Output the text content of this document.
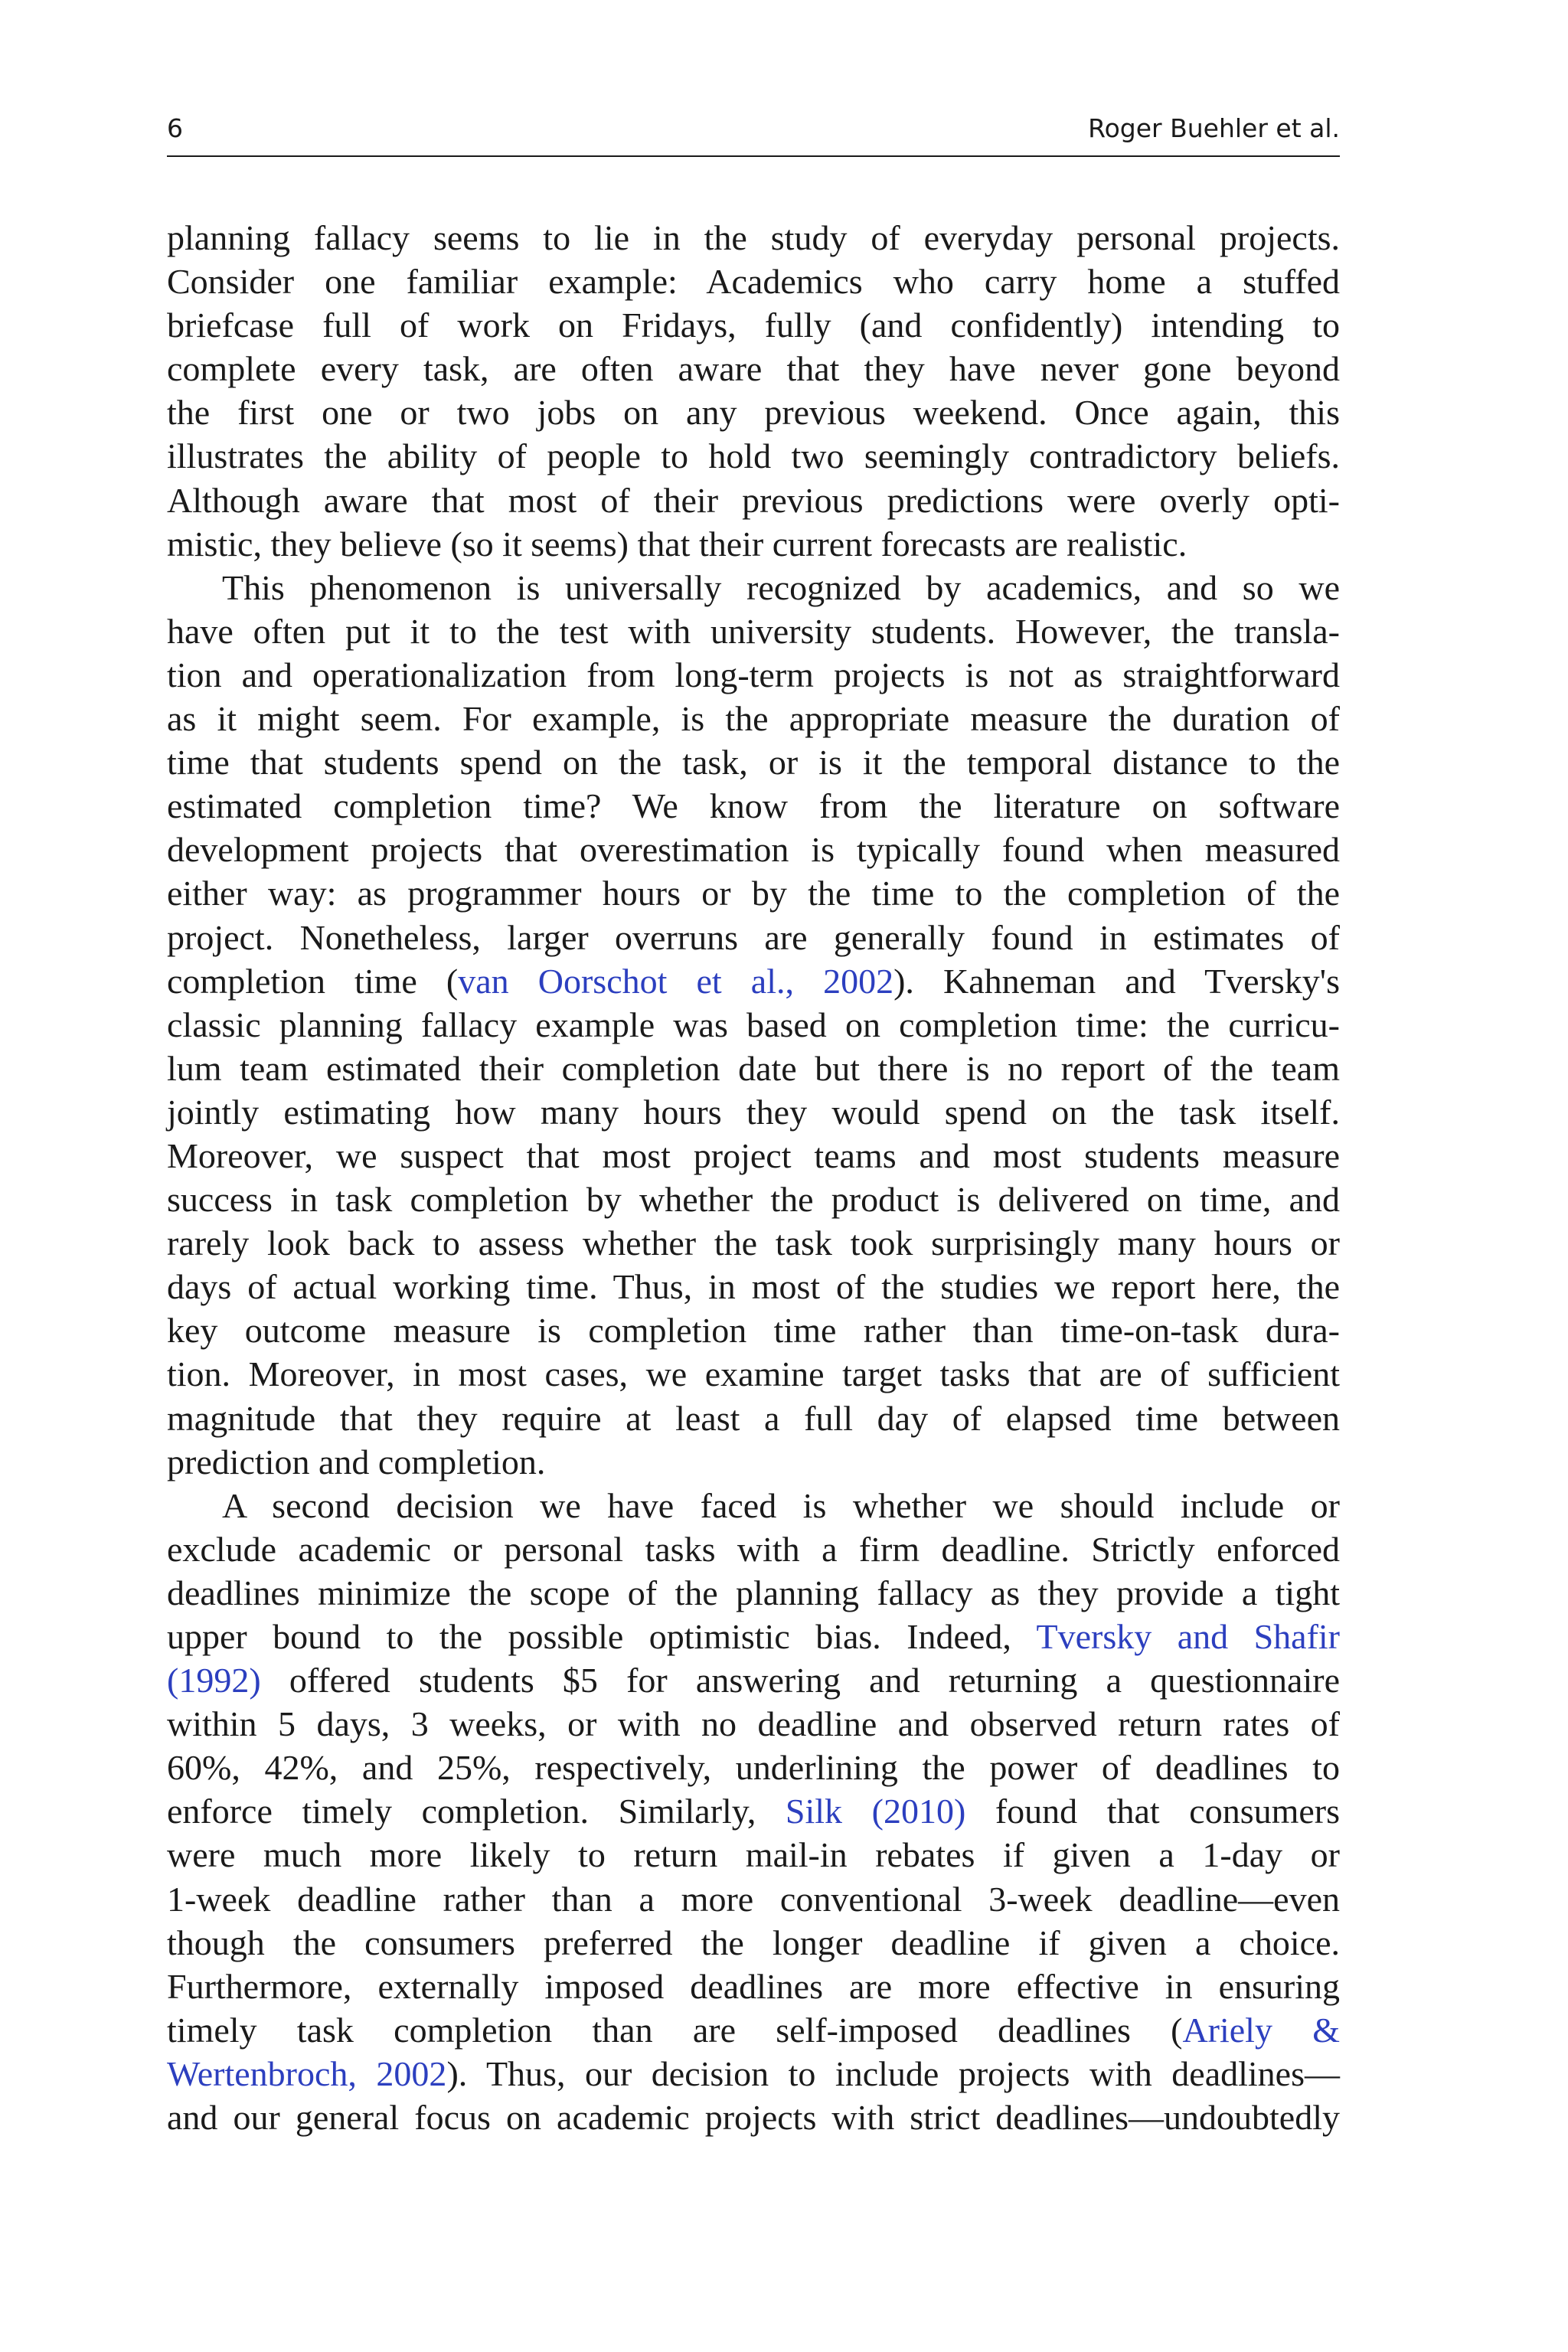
6	Roger Buehler et al.

planning fallacy seems to lie in the study of everyday personal projects.

Consider one familiar example: Academics who carry home a stuffed

briefcase full of work on Fridays, fully (and confidently) intending to

complete every task, are often aware that they have never gone beyond

the first one or two jobs on any previous weekend. Once again, this

illustrates the ability of people to hold two seemingly contradictory beliefs.

Although aware that most of their previous predictions were overly opti-

mistic, they believe (so it seems) that their current forecasts are realistic.

This phenomenon is universally recognized by academics, and so we

have often put it to the test with university students. However, the transla-

tion and operationalization from long-term projects is not as straightforward

as it might seem. For example, is the appropriate measure the duration of

time that students spend on the task, or is it the temporal distance to the

estimated completion time? We know from the literature on software

development projects that overestimation is typically found when measured

either way: as programmer hours or by the time to the completion of the

project. Nonetheless, larger overruns are generally found in estimates of

completion time (van Oorschot et al., 2002). Kahneman and Tversky's

classic planning fallacy example was based on completion time: the curricu-

lum team estimated their completion date but there is no report of the team

jointly estimating how many hours they would spend on the task itself.

Moreover, we suspect that most project teams and most students measure

success in task completion by whether the product is delivered on time, and

rarely look back to assess whether the task took surprisingly many hours or

days of actual working time. Thus, in most of the studies we report here, the

key outcome measure is completion time rather than time-on-task dura-

tion. Moreover, in most cases, we examine target tasks that are of sufficient

magnitude that they require at least a full day of elapsed time between

prediction and completion.

A second decision we have faced is whether we should include or

exclude academic or personal tasks with a firm deadline. Strictly enforced

deadlines minimize the scope of the planning fallacy as they provide a tight

upper bound to the possible optimistic bias. Indeed, Tversky and Shafir

(1992) offered students $5 for answering and returning a questionnaire

within 5 days, 3 weeks, or with no deadline and observed return rates of

60%, 42%, and 25%, respectively, underlining the power of deadlines to

enforce timely completion. Similarly, Silk (2010) found that consumers

were much more likely to return mail-in rebates if given a 1-day or

1-week deadline rather than a more conventional 3-week deadline—even

though the consumers preferred the longer deadline if given a choice.

Furthermore, externally imposed deadlines are more effective in ensuring

timely task completion than are self-imposed deadlines (Ariely &

Wertenbroch, 2002). Thus, our decision to include projects with deadlines—

and our general focus on academic projects with strict deadlines—undoubtedly
